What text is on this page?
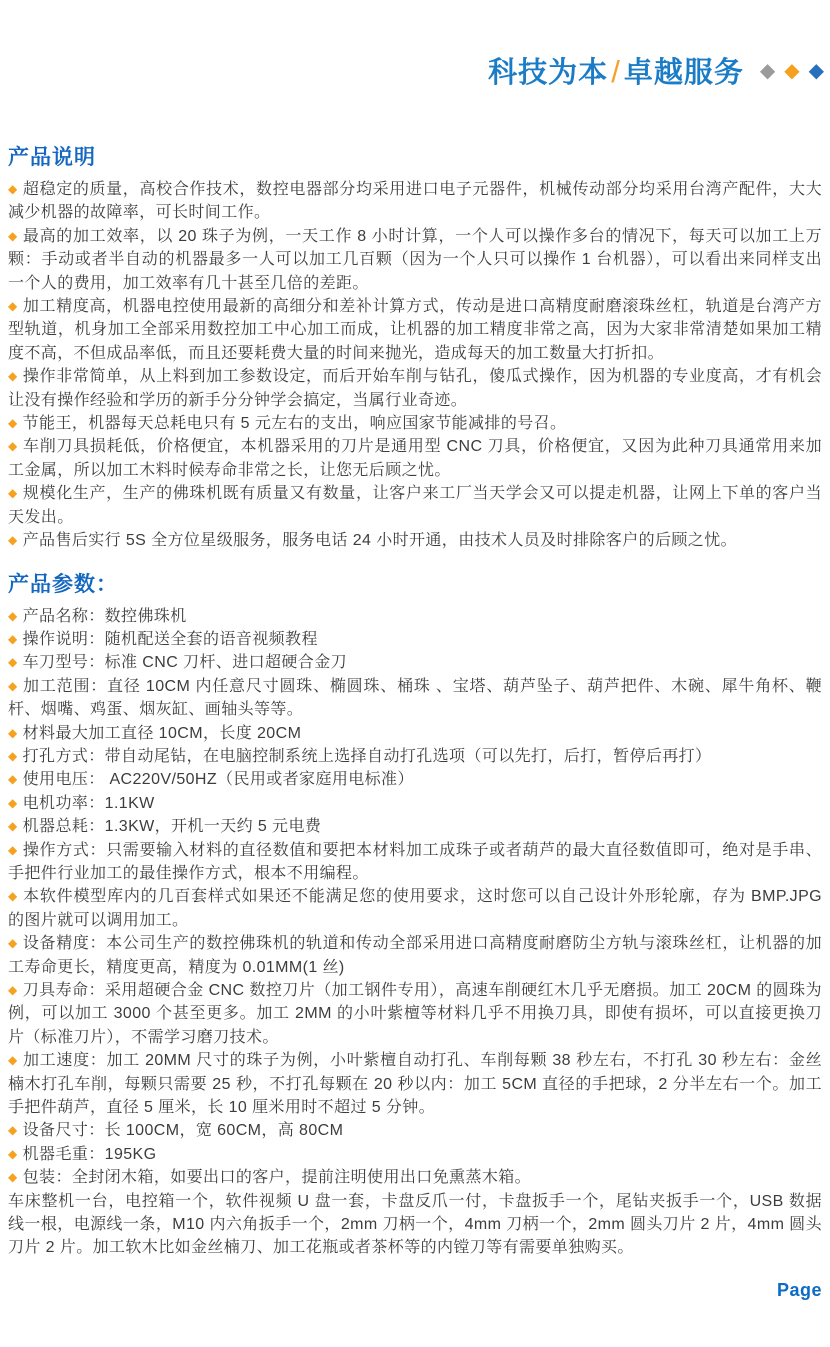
科技为本/ 卓越服务 ◆ ◆ ◆
产品说明

◆ 超稳定的质量，高校合作技术，数控电器部分均采用进口电子元器件，机械传动部分均采用台湾产配件，大大减少机器的故障率，可长时间工作。

◆ 最高的加工效率，以 20 珠子为例，一天工作 8 小时计算，一个人可以操作多台的情况下，每天可以加工上万颗：手动或者半自动的机器最多一人可以加工几百颗（因为一个人只可以操作 1 台机器），可以看出来同样支出一个人的费用，加工效率有几十甚至几倍的差距。

◆ 加工精度高，机器电控使用最新的高细分和差补计算方式，传动是进口高精度耐磨滚珠丝杠，轨道是台湾产方型轨道，机身加工全部采用数控加工中心加工而成，让机器的加工精度非常之高，因为大家非常清楚如果加工精度不高，不但成品率低，而且还要耗费大量的时间来抛光，造成每天的加工数量大打折扣。

◆ 操作非常简单，从上料到加工参数设定，而后开始车削与钻孔，傻瓜式操作，因为机器的专业度高，才有机会让没有操作经验和学历的新手分分钟学会搞定，当属行业奇迹。

◆ 节能王，机器每天总耗电只有 5 元左右的支出，响应国家节能减排的号召。

◆ 车削刀具损耗低，价格便宜，本机器采用的刀片是通用型 CNC 刀具，价格便宜，又因为此种刀具通常用来加工金属，所以加工木料时候寿命非常之长，让您无后顾之忧。

◆ 规模化生产，生产的佛珠机既有质量又有数量，让客户来工厂当天学会又可以提走机器，让网上下单的客户当天发出。

◆ 产品售后实行 5S 全方位星级服务，服务电话 24 小时开通，由技术人员及时排除客户的后顾之忧。

产品参数：

◆ 产品名称：数控佛珠机

◆ 操作说明：随机配送全套的语音视频教程

◆ 车刀型号：标准 CNC 刀杆、进口超硬合金刀

◆ 加工范围：直径 10CM 内任意尺寸圆珠、椭圆珠、桶珠 、宝塔、葫芦坠子、葫芦把件、木碗、犀牛角杯、鞭杆、烟嘴、鸡蛋、烟灰缸、画轴头等等。

◆ 材料最大加工直径 10CM，长度 20CM

◆ 打孔方式：带自动尾钻，在电脑控制系统上选择自动打孔选项（可以先打，后打，暂停后再打）

◆ 使用电压： AC220V/50HZ（民用或者家庭用电标准）

◆ 电机功率：1.1KW

◆ 机器总耗：1.3KW，开机一天约 5 元电费

◆ 操作方式：只需要输入材料的直径数值和要把本材料加工成珠子或者葫芦的最大直径数值即可，绝对是手串、手把件行业加工的最佳操作方式，根本不用编程。

◆ 本软件模型库内的几百套样式如果还不能满足您的使用要求，这时您可以自己设计外形轮廓，存为 BMP.JPG 的图片就可以调用加工。

◆ 设备精度：本公司生产的数控佛珠机的轨道和传动全部采用进口高精度耐磨防尘方轨与滚珠丝杠，让机器的加工寿命更长，精度更高，精度为 0.01MM(1 丝)

◆ 刀具寿命：采用超硬合金 CNC 数控刀片（加工钢件专用），高速车削硬红木几乎无磨损。加工 20CM 的圆珠为例，可以加工 3000 个甚至更多。加工 2MM 的小叶紫檀等材料几乎不用换刀具，即使有损坏，可以直接更换刀片（标准刀片），不需学习磨刀技术。

◆ 加工速度：加工 20MM 尺寸的珠子为例，小叶紫檀自动打孔、车削每颗 38 秒左右，不打孔 30 秒左右：金丝楠木打孔车削，每颗只需要 25 秒，不打孔每颗在 20 秒以内：加工 5CM 直径的手把球，2 分半左右一个。加工手把件葫芦，直径 5 厘米，长 10 厘米用时不超过 5 分钟。

◆ 设备尺寸：长 100CM，宽 60CM，高 80CM

◆ 机器毛重：195KG

◆ 包装：全封闭木箱，如要出口的客户，提前注明使用出口免熏蒸木箱。

车床整机一台，电控箱一个，软件视频 U 盘一套，卡盘反爪一付，卡盘扳手一个，尾钻夹扳手一个，USB 数据线一根，电源线一条，M10 内六角扳手一个，2mm 刀柄一个，4mm 刀柄一个，2mm 圆头刀片 2 片，4mm 圆头刀片 2 片。加工软木比如金丝楠刀、加工花瓶或者茶杯等的内镗刀等有需要单独购买。

Page
